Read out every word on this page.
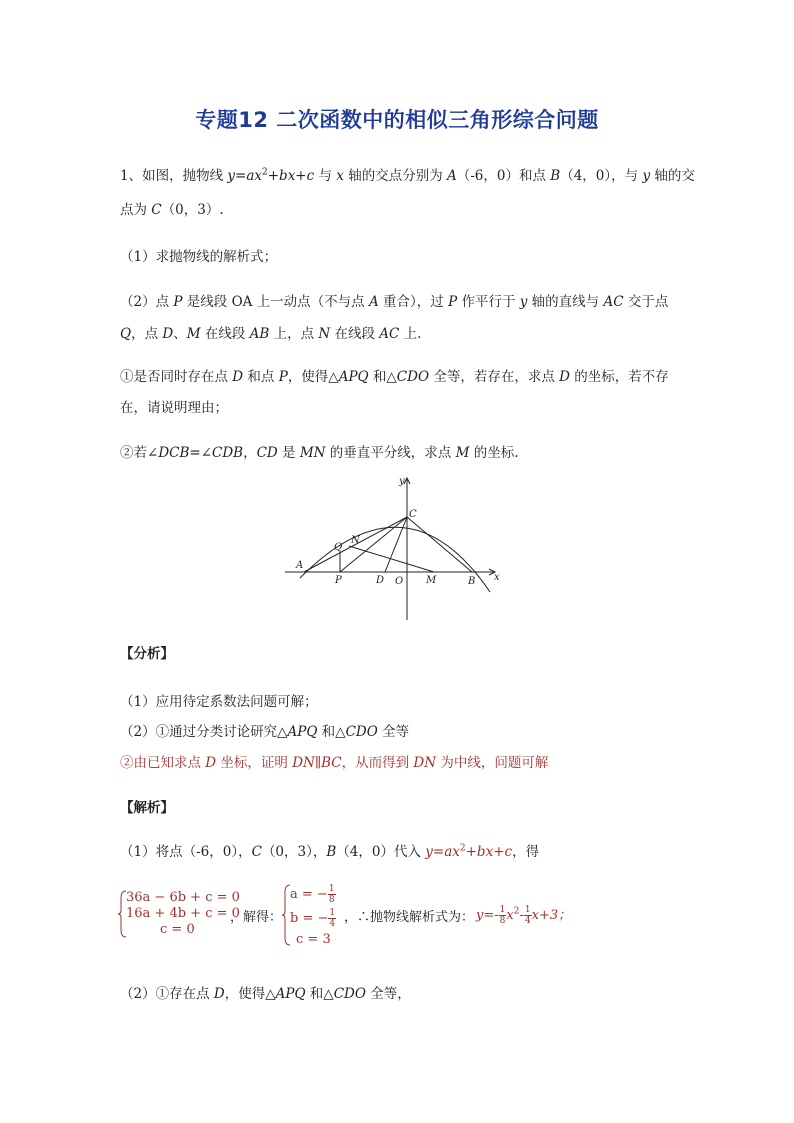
专题12 二次函数中的相似三角形综合问题
1、如图，抛物线 $y=ax^2+bx+c$ 与 x 轴的交点分别为 A（-6，0）和点 B（4，0），与 y 轴的交
点为 C（0，3）.
（1）求抛物线的解析式；
（2）点 P 是线段 OA 上一动点（不与点 A 重合），过 P 作平行于 y 轴的直线与 AC 交于点
Q，点 D、M 在线段 AB 上，点 N 在线段 AC 上.
①是否同时存在点 D 和点 P，使得△APQ 和△CDO 全等，若存在，求点 D 的坐标，若不存
在，请说明理由；
②若∠DCB=∠CDB，CD 是 MN 的垂直平分线，求点 M 的坐标.
A
B
C
D O M
N
P
Q
x
y
【分析】
（1）应用待定系数法问题可解；
（2）①通过分类讨论研究△APQ 和△CDO 全等
②由已知求点 D 坐标，证明 DN∥BC，从而得到 DN 为中线，问题可解
【解析】
（1）将点（-6，0），C（0，3），B（4，0）代入 $y=ax^2+bx+c$，得
36a − 6b + c = 0
16a + 4b + c = 0
c = 0
，解得：
a = − $\frac{1}{8}$
b = − $\frac{1}{4}$
c = 3
，∴抛物线解析式为： $y=- \frac{1}{8} x^2- \frac{1}{4} x+3$；
（2）①存在点 D，使得△APQ 和△CDO 全等，
